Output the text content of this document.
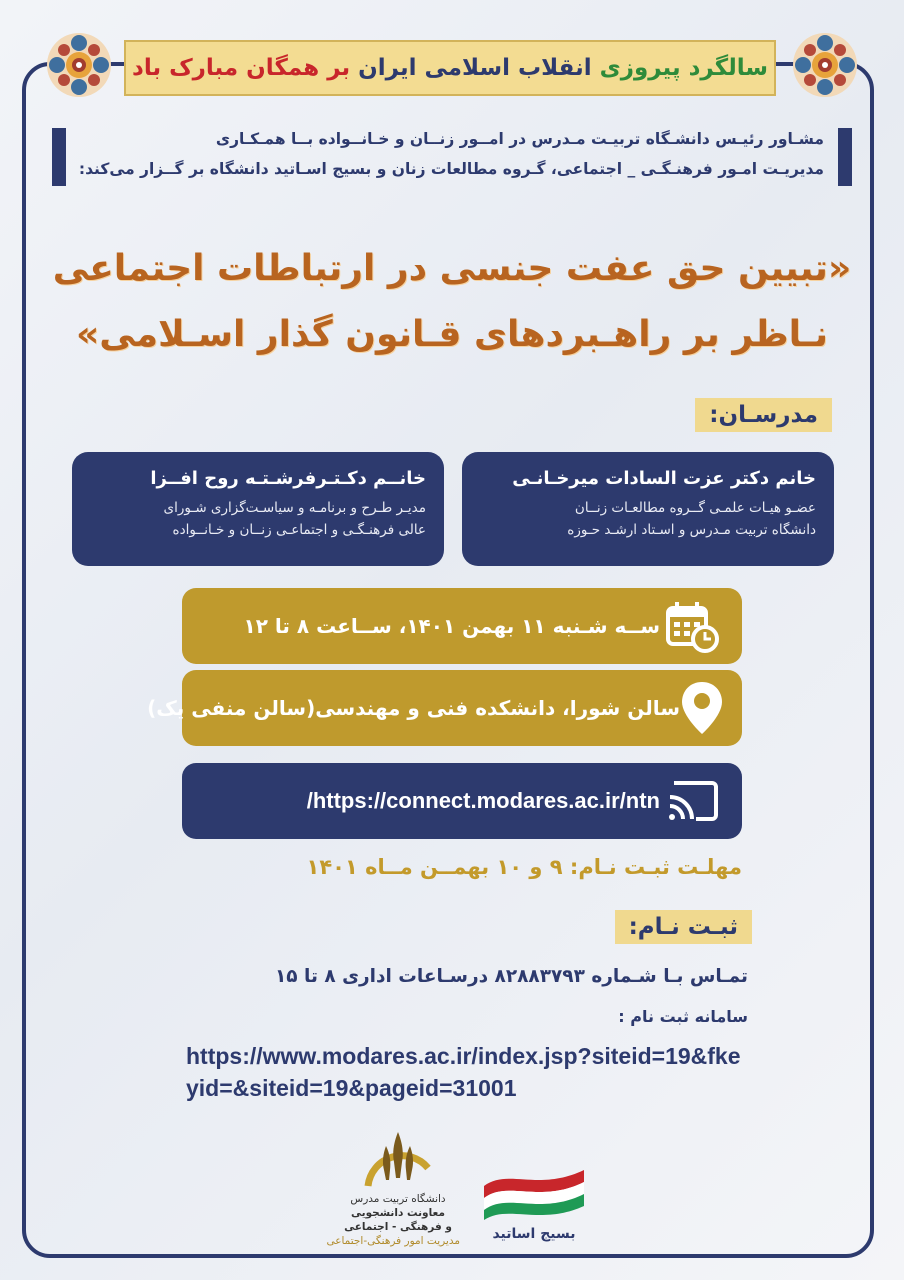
سالگرد پیروزی
انقلاب اسلامی ایران
بر همگان مبارک باد
مشـاور رئیـس دانشـگاه تربیـت مـدرس در امــور زنــان و خـانــواده بــا همـکـاری
مدیریـت امـور فرهنـگـی _ اجتماعی، گـروه مطالعات زنان و بسیج اسـاتید دانشگاه بر گــزار می‌کند:
«تبیین حق عفت جنسی در ارتباطات اجتماعی
نـاظر بر راهـبردهای قـانون گذار اسـلامی»
مدرسـان:
خانم دکتر عزت السادات میرخـانـی
عضـو هیـات علمـی گــروه مطالعـات زنــان
دانشگاه تربیت مـدرس و اسـتاد ارشـد حـوزه
خانــم دکـتـرفرشـتـه روح افــزا
مدیـر طـرح و برنامـه و سیاسـت‌گزاری شـورای
عالی فرهنـگـی و اجتماعـی زنــان و خـانــواده
ســه شـنبه ۱۱ بهمن ۱۴۰۱، ســاعت ۸ تا ۱۲
سالن شورا، دانشکده فنی و مهندسی(سالن منفی یک)
https://connect.modares.ac.ir/ntn/
مهلـت ثبـت نـام: ۹ و ۱۰ بهمــن مــاه ۱۴۰۱
ثبـت نـام:
تمـاس بـا شـماره ۸۲۸۸۳۷۹۳ درسـاعات اداری ۸ تا ۱۵
سامانه ثبت نام :
https://www.modares.ac.ir/index.jsp?siteid=19&fkeyid=&siteid=19&pageid=31001
دانشگاه تربیت مدرس
معاونت دانشجویی
و فرهنگی - اجتماعی
مدیریت امور فرهنگی-اجتماعی	بسیج اساتید
